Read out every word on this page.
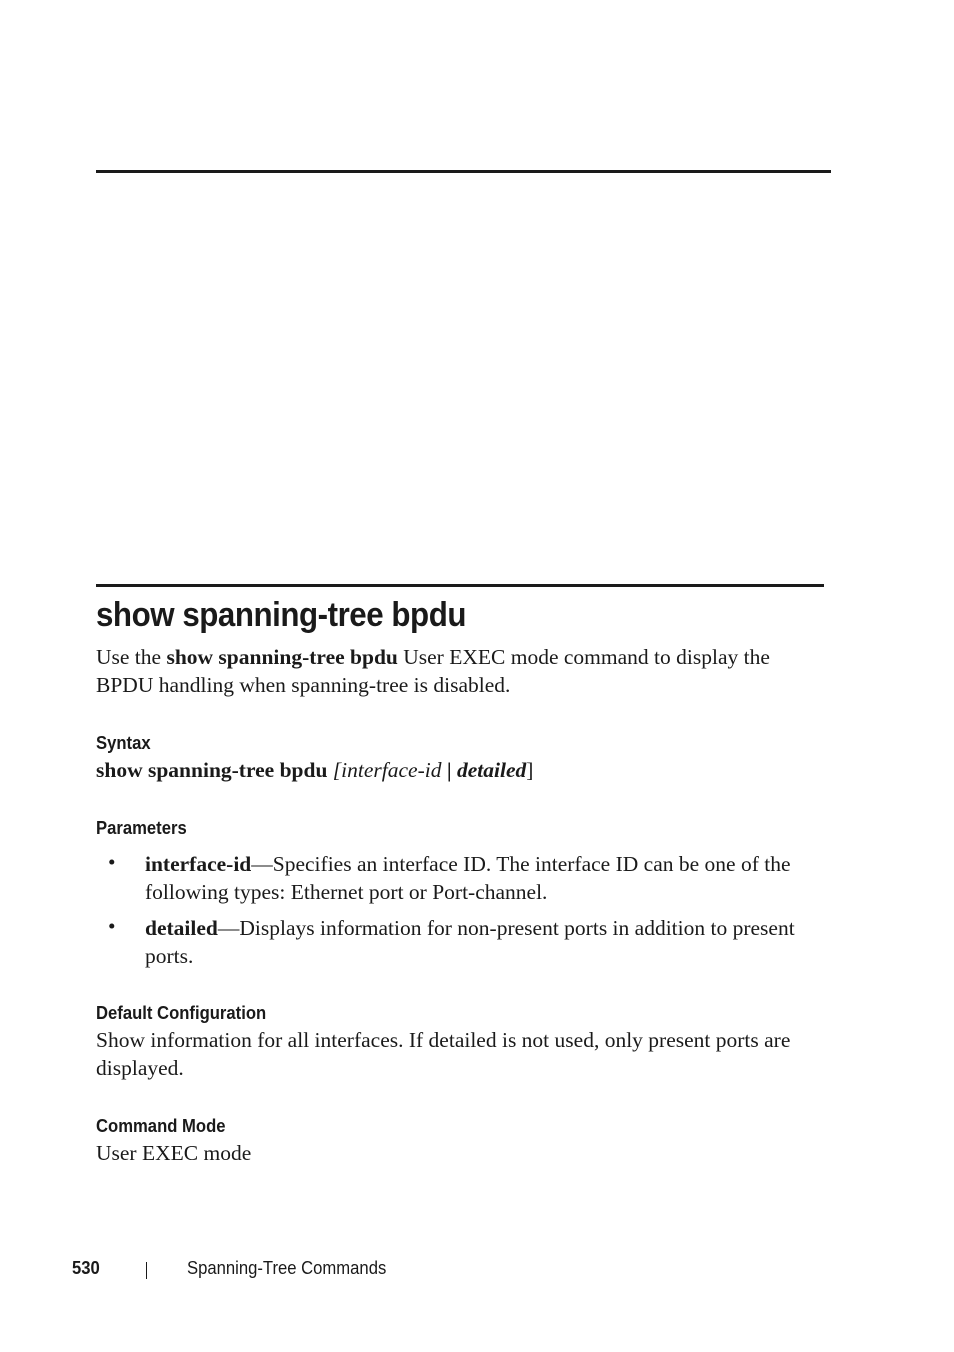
show spanning-tree bpdu
Use the show spanning-tree bpdu User EXEC mode command to display the BPDU handling when spanning-tree is disabled.
Syntax
show spanning-tree bpdu [interface-id | detailed]
Parameters
• interface-id—Specifies an interface ID. The interface ID can be one of the following types: Ethernet port or Port-channel.
• detailed—Displays information for non-present ports in addition to present ports.
Default Configuration
Show information for all interfaces. If detailed is not used, only present ports are displayed.
Command Mode
User EXEC mode
530	Spanning-Tree Commands
